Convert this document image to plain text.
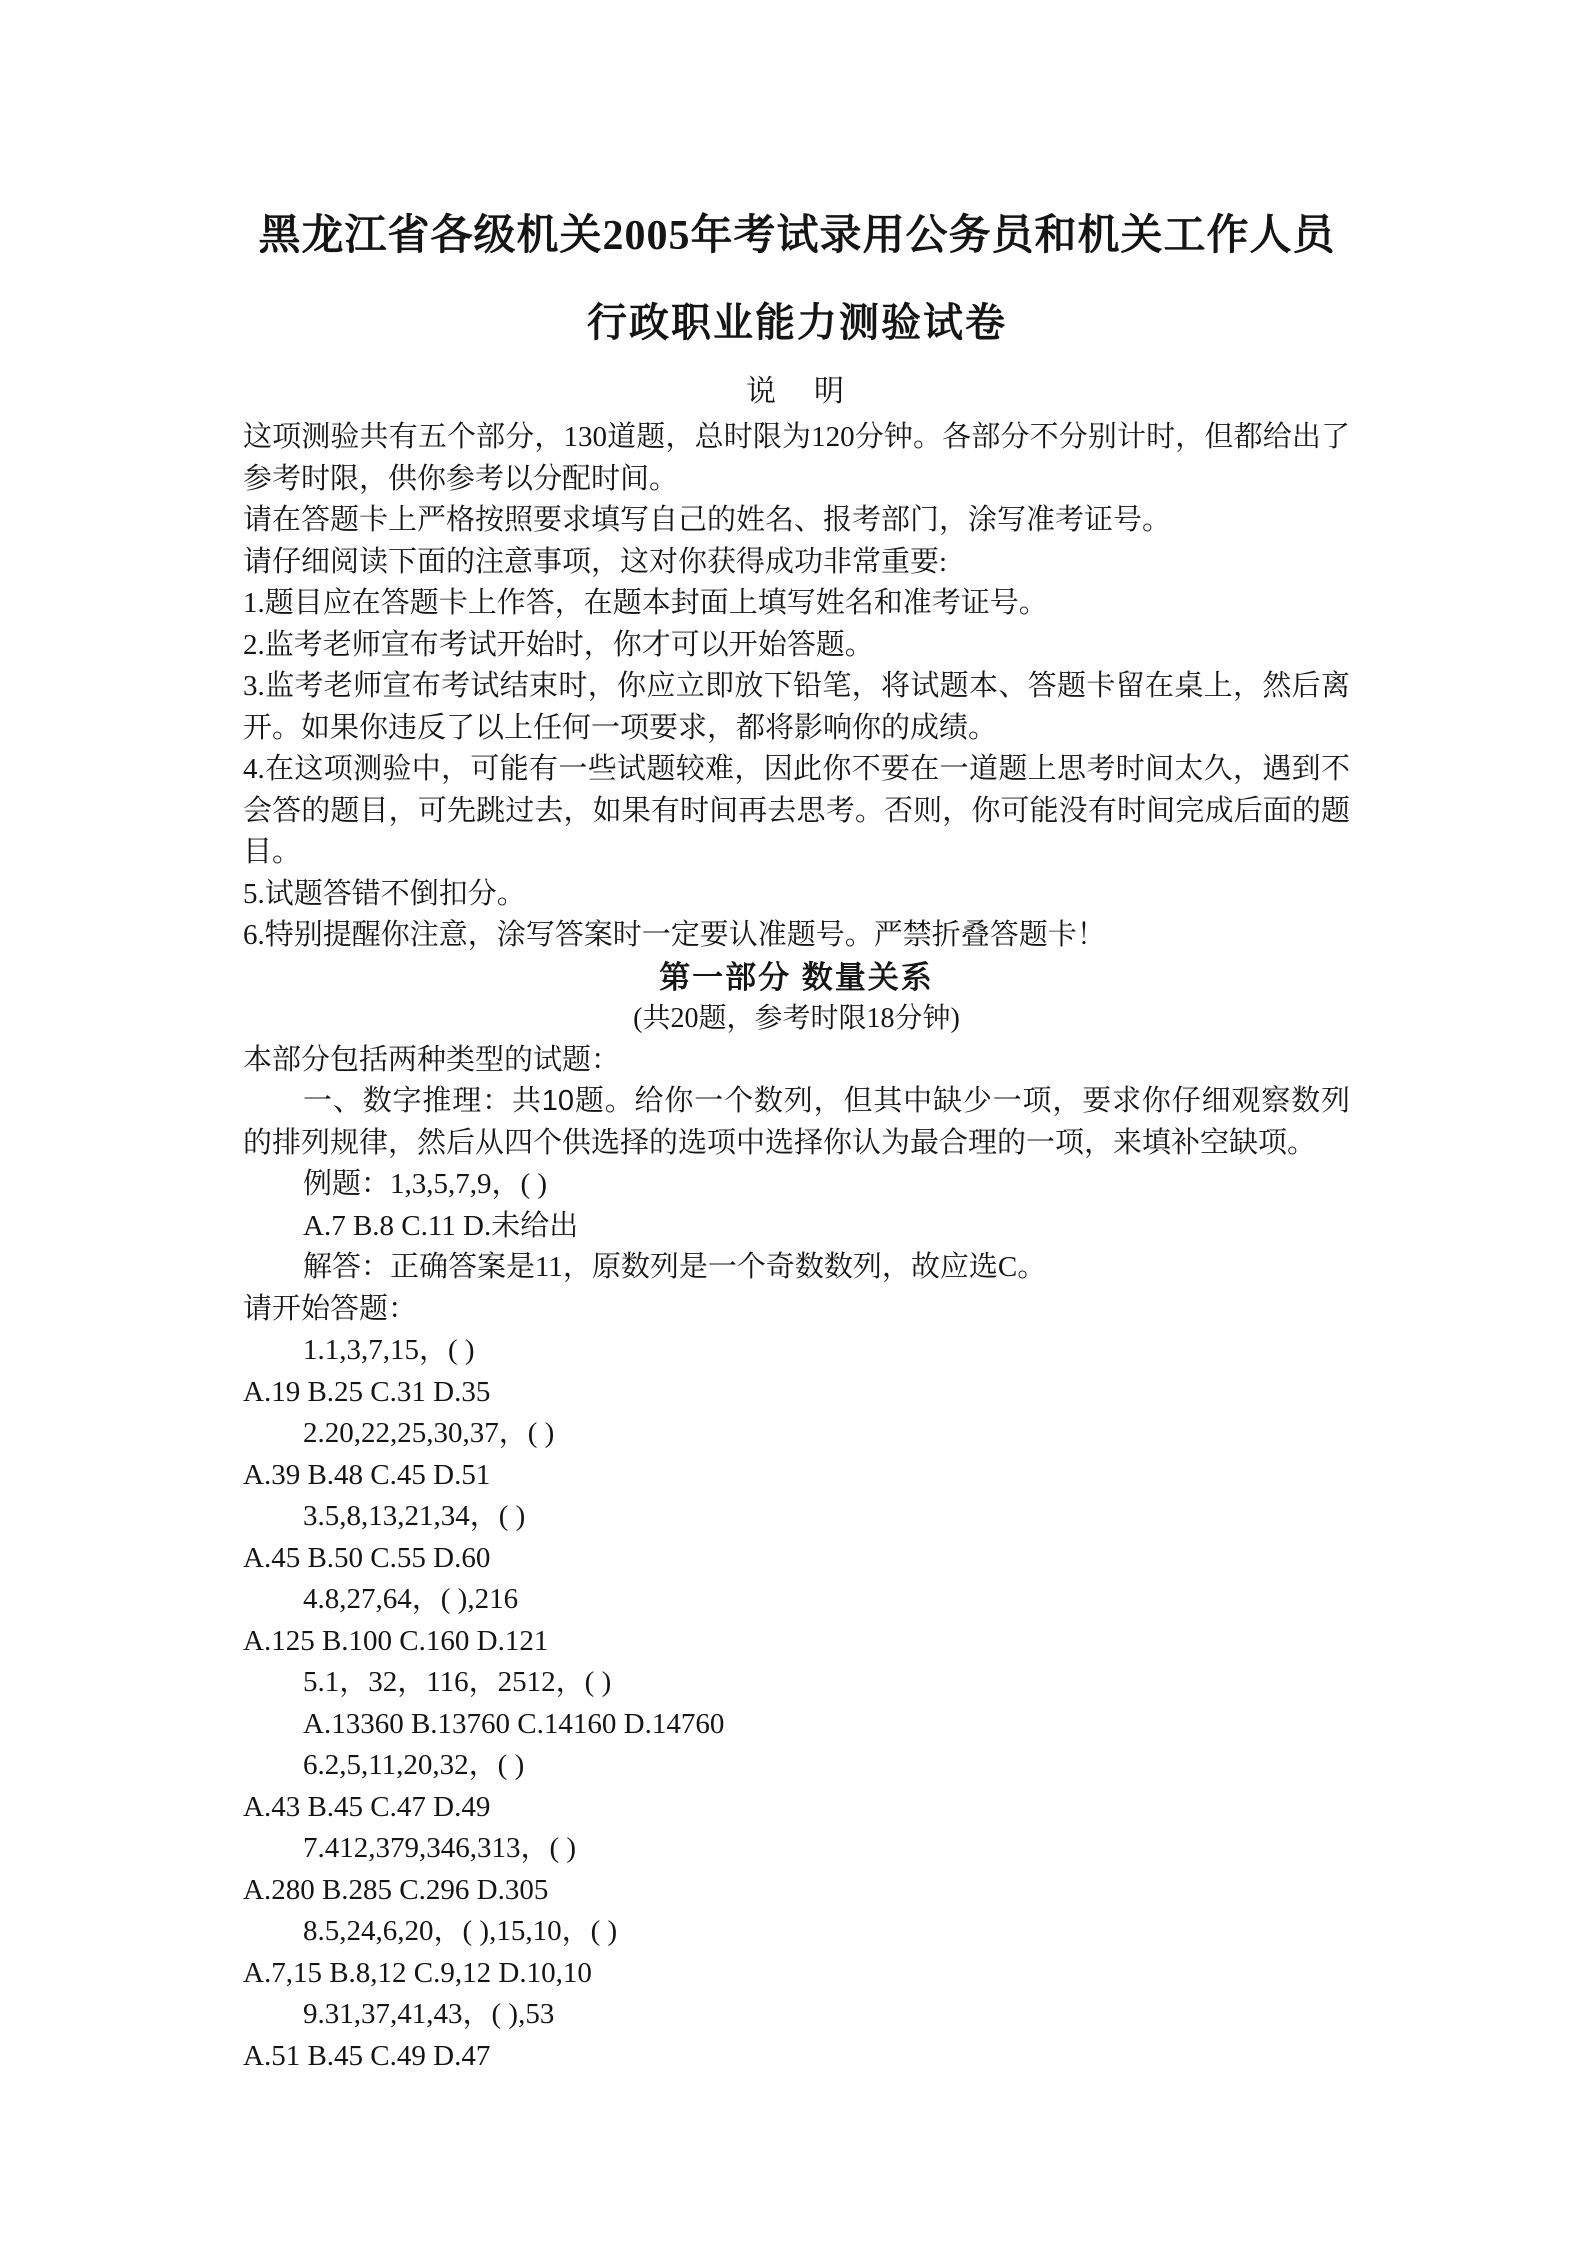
黑龙江省各级机关2005年考试录用公务员和机关工作人员
行政职业能力测验试卷
说　明

这项测验共有五个部分，130道题，总时限为120分钟。各部分不分别计时，但都给出了参考时限，供你参考以分配时间。

请在答题卡上严格按照要求填写自己的姓名、报考部门，涂写准考证号。

请仔细阅读下面的注意事项，这对你获得成功非常重要:

1.题目应在答题卡上作答，在题本封面上填写姓名和准考证号。

2.监考老师宣布考试开始时，你才可以开始答题。

3.监考老师宣布考试结束时，你应立即放下铅笔，将试题本、答题卡留在桌上，然后离开。如果你违反了以上任何一项要求，都将影响你的成绩。

4.在这项测验中，可能有一些试题较难，因此你不要在一道题上思考时间太久，遇到不会答的题目，可先跳过去，如果有时间再去思考。否则，你可能没有时间完成后面的题目。

5.试题答错不倒扣分。

6.特别提醒你注意，涂写答案时一定要认准题号。严禁折叠答题卡！

第一部分 数量关系
(共20题，参考时限18分钟)

本部分包括两种类型的试题：

一、数字推理：共10题。给你一个数列，但其中缺少一项，要求你仔细观察数列的排列规律，然后从四个供选择的选项中选择你认为最合理的一项，来填补空缺项。

例题：1,3,5,7,9，( )

A.7 B.8 C.11 D.未给出

解答：正确答案是11，原数列是一个奇数数列，故应选C。

请开始答题：

1.1,3,7,15，( )

A.19 B.25 C.31 D.35

2.20,22,25,30,37，( )

A.39 B.48 C.45 D.51

3.5,8,13,21,34，( )

A.45 B.50 C.55 D.60

4.8,27,64，( ),216

A.125 B.100 C.160 D.121

5.1，32，116，2512，( )

A.13360 B.13760 C.14160 D.14760

6.2,5,11,20,32，( )

A.43 B.45 C.47 D.49

7.412,379,346,313，( )

A.280 B.285 C.296 D.305

8.5,24,6,20，( ),15,10，( )

A.7,15 B.8,12 C.9,12 D.10,10

9.31,37,41,43，( ),53

A.51 B.45 C.49 D.47
